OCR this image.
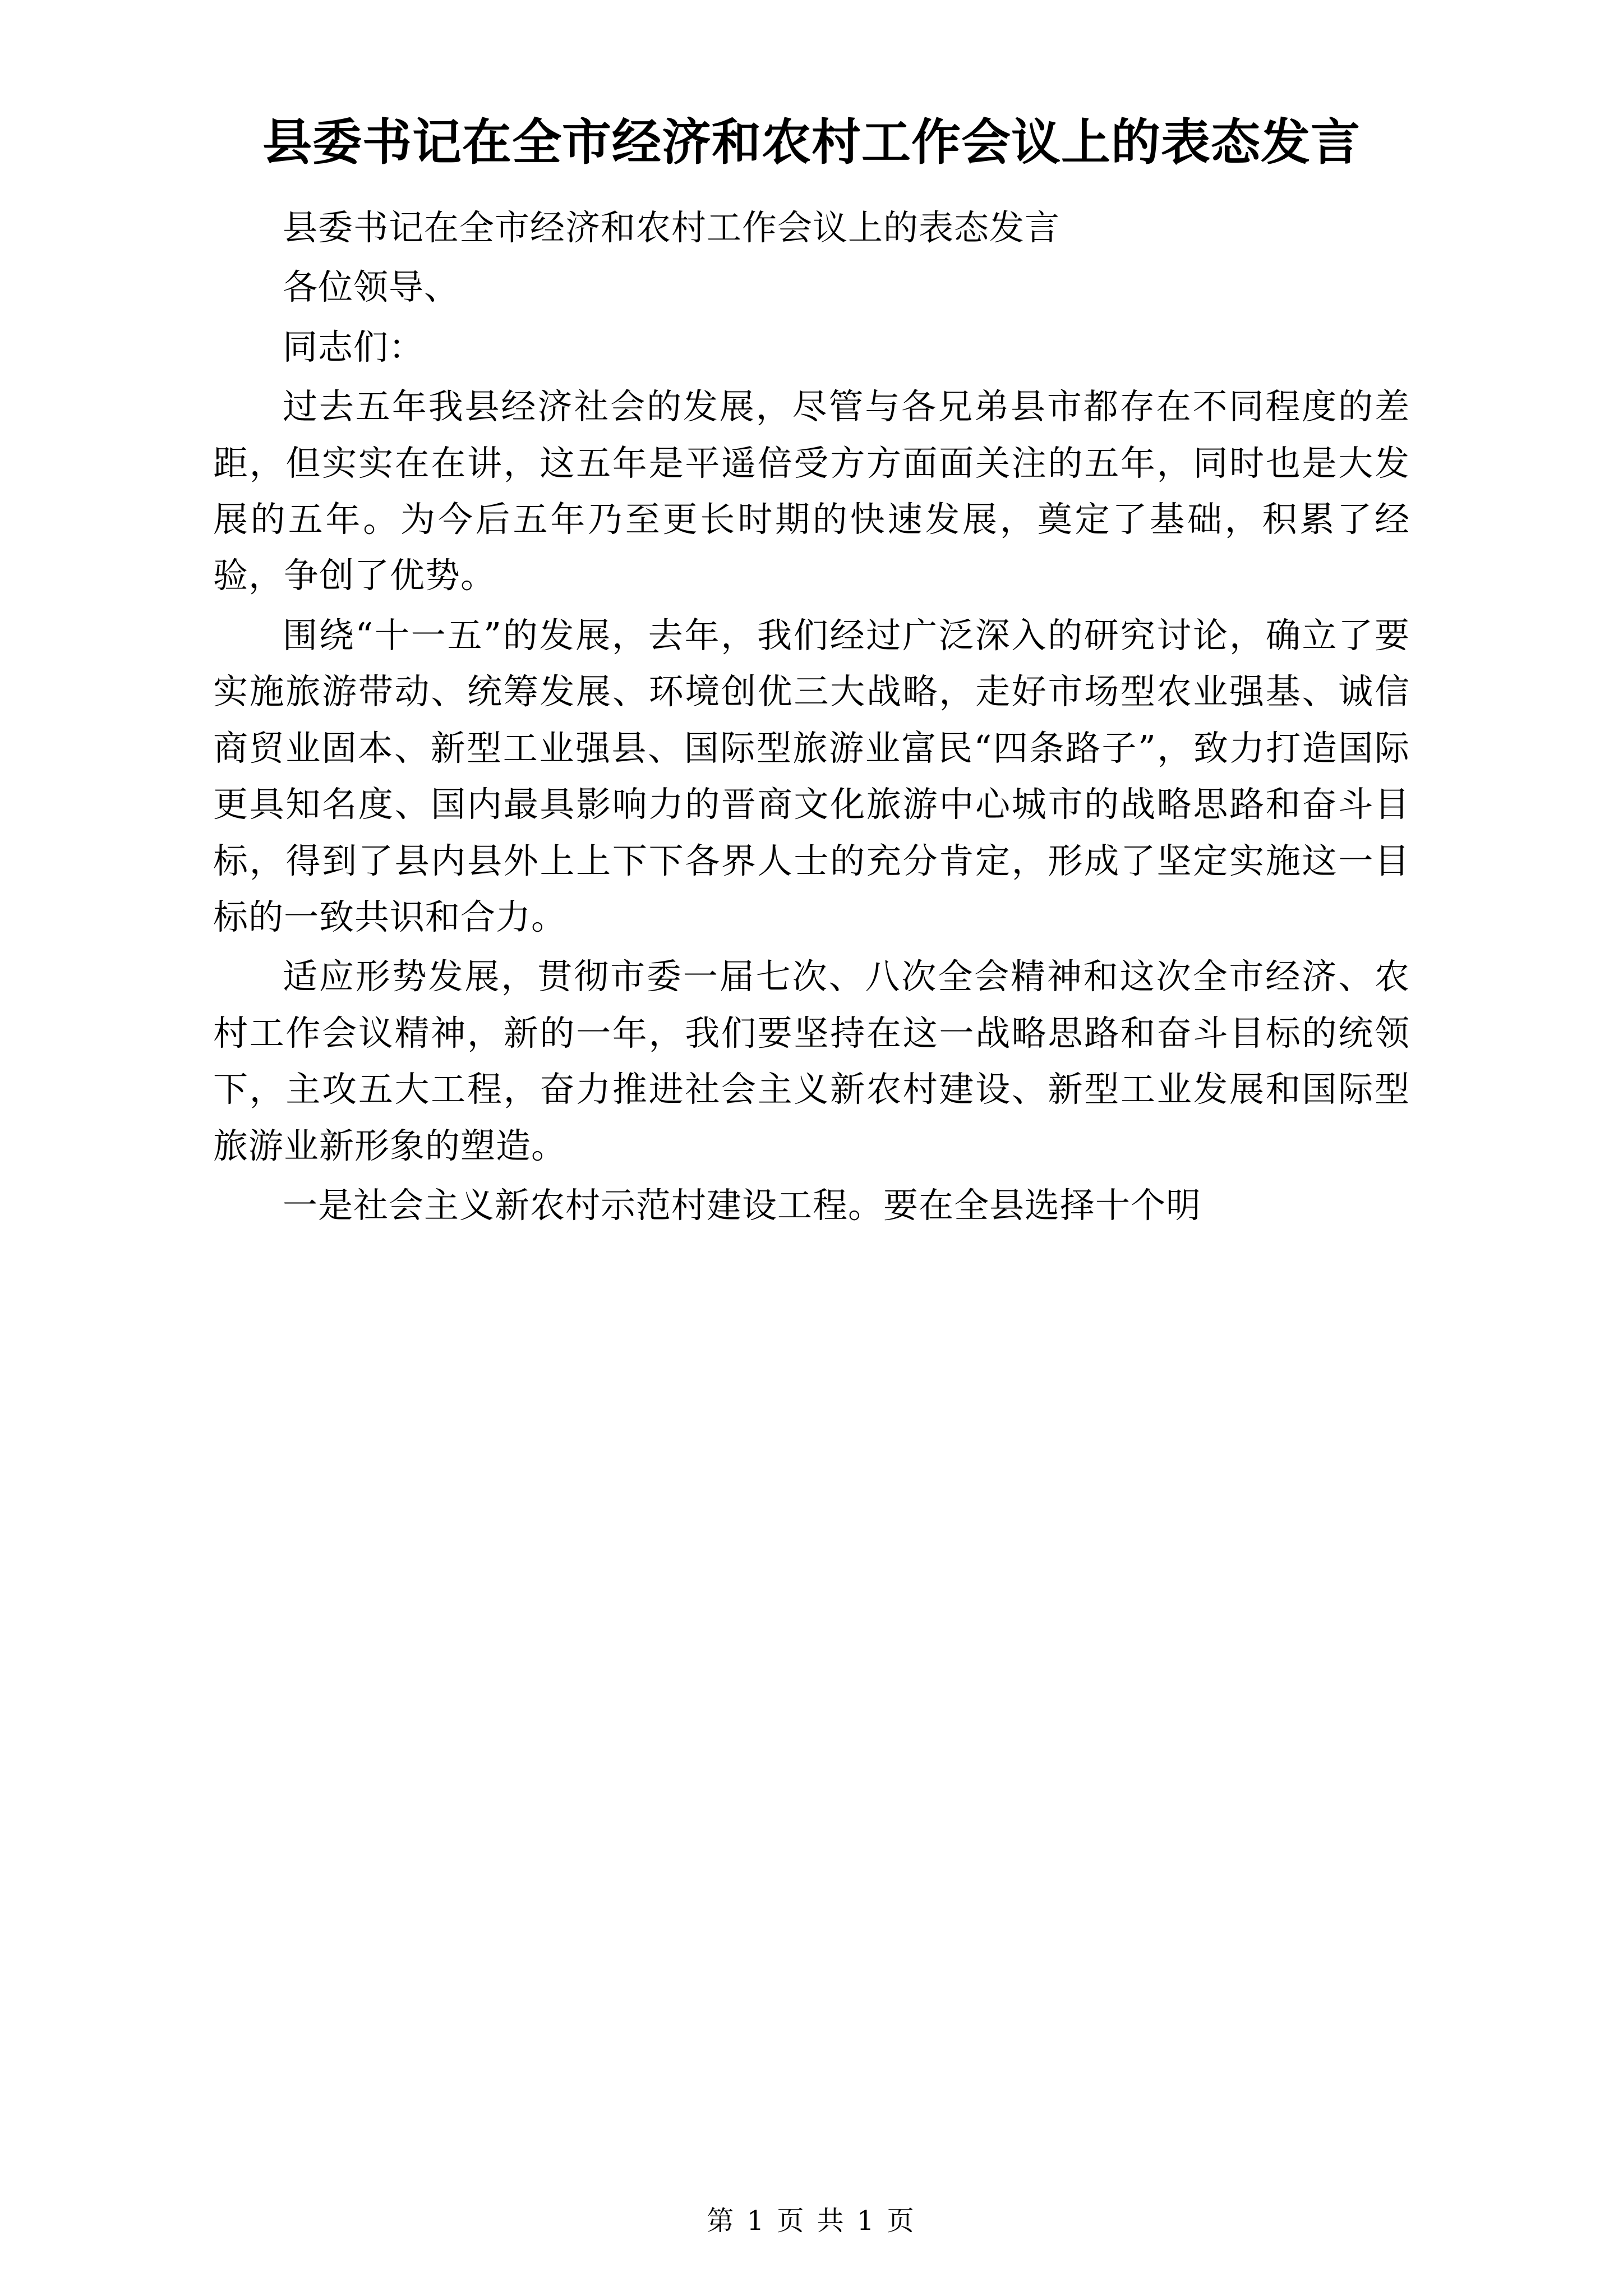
县委书记在全市经济和农村工作会议上的表态发言

县委书记在全市经济和农村工作会议上的表态发言

各位领导、

同志们：

过去五年我县经济社会的发展，尽管与各兄弟县市都存在不同程度的差距，但实实在在讲，这五年是平遥倍受方方面面关注的五年，同时也是大发展的五年。为今后五年乃至更长时期的快速发展，奠定了基础，积累了经验，争创了优势。

围绕“十一五”的发展，去年，我们经过广泛深入的研究讨论，确立了要实施旅游带动、统筹发展、环境创优三大战略，走好市场型农业强基、诚信商贸业固本、新型工业强县、国际型旅游业富民“四条路子”，致力打造国际更具知名度、国内最具影响力的晋商文化旅游中心城市的战略思路和奋斗目标，得到了县内县外上上下下各界人士的充分肯定，形成了坚定实施这一目标的一致共识和合力。

适应形势发展，贯彻市委一届七次、八次全会精神和这次全市经济、农村工作会议精神，新的一年，我们要坚持在这一战略思路和奋斗目标的统领下，主攻五大工程，奋力推进社会主义新农村建设、新型工业发展和国际型旅游业新形象的塑造。

一是社会主义新农村示范村建设工程。要在全县选择十个明

第 1 页 共 1 页
